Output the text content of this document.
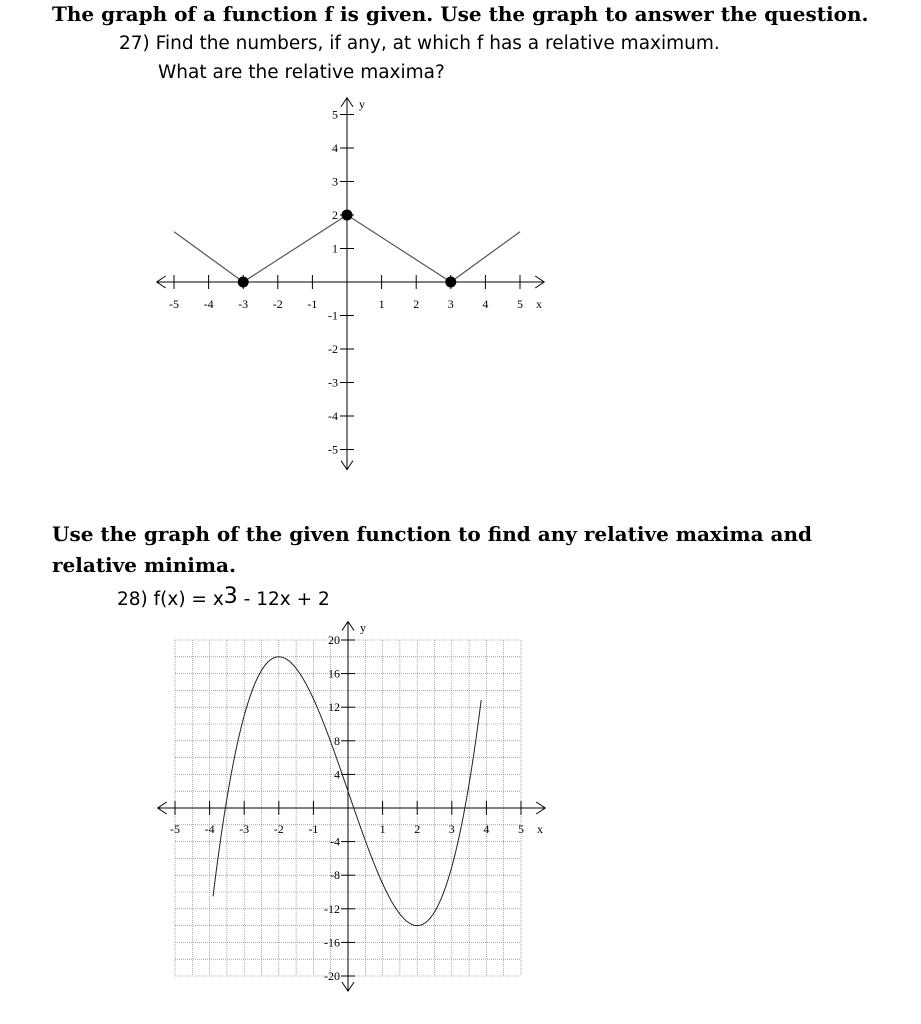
The graph of a function f is given. Use the graph to answer the question.
27) Find the numbers, if any, at which f has a relative maximum.
What are the relative maxima?
Use the graph of the given function to find any relative maxima and
relative minima.
28) $f(x) = x^3 - 12x + 2$
-5 -4 -3 -2 -1	1 2 3 4 5 x
5
4
3
2
1
-1
-2
-3
-4
-5
y
-5 -4 -3 -2 -1	1 2 3 4 5 x
20
16
12
8
4
-4
-8
-12
-16
-20
y
